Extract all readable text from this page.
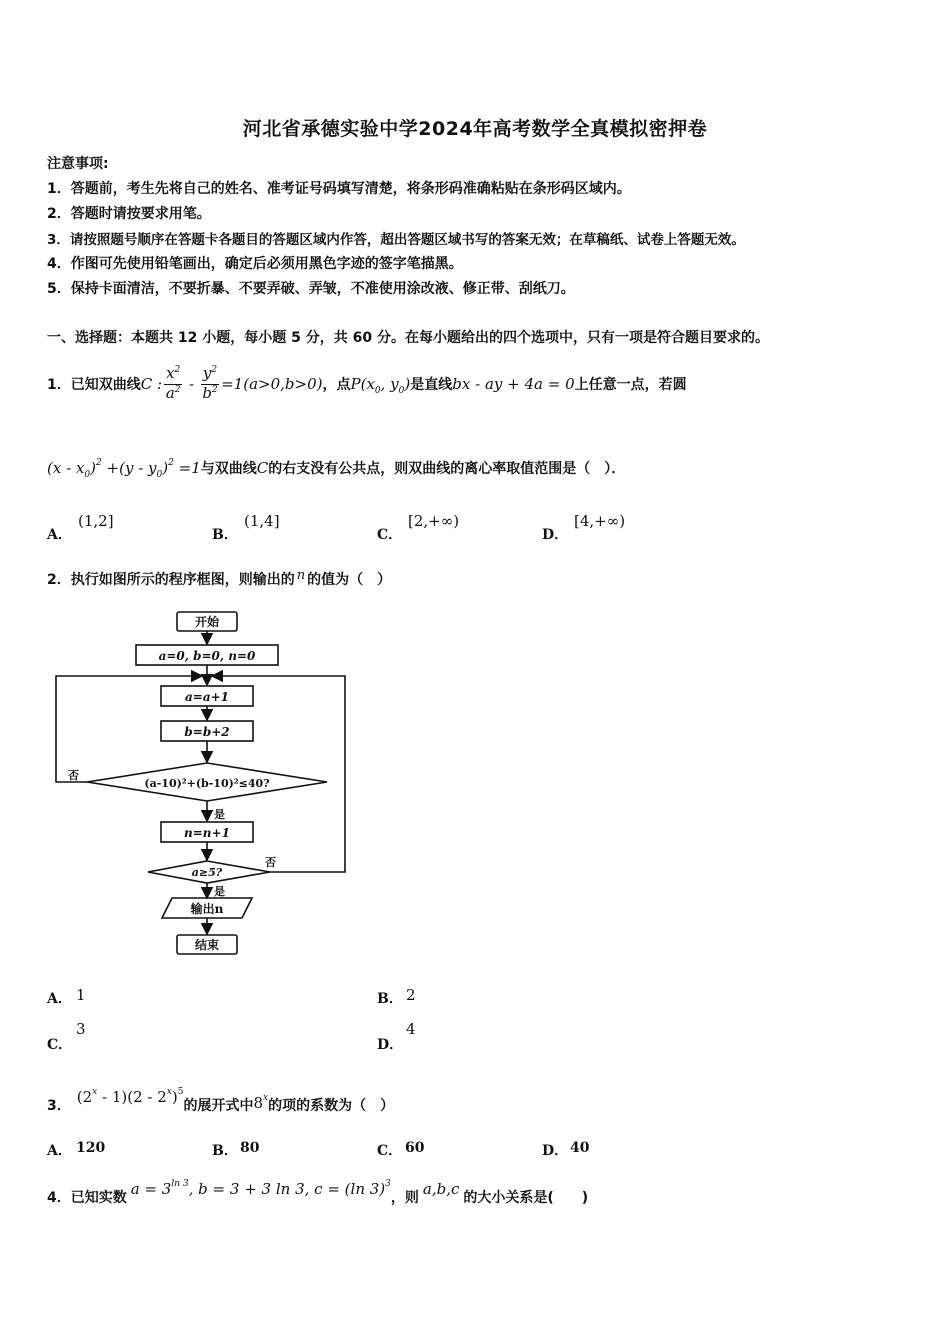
河北省承德实验中学2024年高考数学全真模拟密押卷
注意事项:
1．答题前，考生先将自己的姓名、准考证号码填写清楚，将条形码准确粘贴在条形码区域内。
2．答题时请按要求用笔。
3．请按照题号顺序在答题卡各题目的答题区域内作答，超出答题区域书写的答案无效；在草稿纸、试卷上答题无效。
4．作图可先使用铅笔画出，确定后必须用黑色字迹的签字笔描黑。
5．保持卡面清洁，不要折暴、不要弄破、弄皱，不准使用涂改液、修正带、刮纸刀。
一、选择题：本题共 12 小题，每小题 5 分，共 60 分。在每小题给出的四个选项中，只有一项是符合题目要求的。
1．已知双曲线 C : $\frac{x^2}{a^2} - \frac{y^2}{b^2} =1$( a >0, b >0) ，点 $P(x_0$, $y_0$) 是直线 bx - ay + 4a = 0 上任意一点，若圆
$(x - x_0)^2 +(y - y_0)^2 =1$ 与双曲线 C 的右支没有公共点，则双曲线的离心率取值范围是（　）．
A．
(1,2]
B．
(1,4]
C．
[2,+∞)
D．
[4,+∞)
2．执行如图所示的程序框图，则输出的 n 的值为（　）
开始
a=0, b=0, n=0
a=a+1
b=b+2
(a-10)²+(b-10)²≤40?
是
否
n=n+1
a≥5?
是
否
输出n
结束
A． 1	B． 2
C．
3
D．
4
3． (2$^x$ - 1)(2 - 2$^x$)$^5$
的展开式中 8$^x$ 的项的系数为（　）
A． 120	B． 80	C． 60	D． 40
4．已知实数 $a = 3^{ln 3}$, b = 3 + 3 ln 3, c = (ln 3)$^3$
，则 a,b,c 的大小关系是(　　)
